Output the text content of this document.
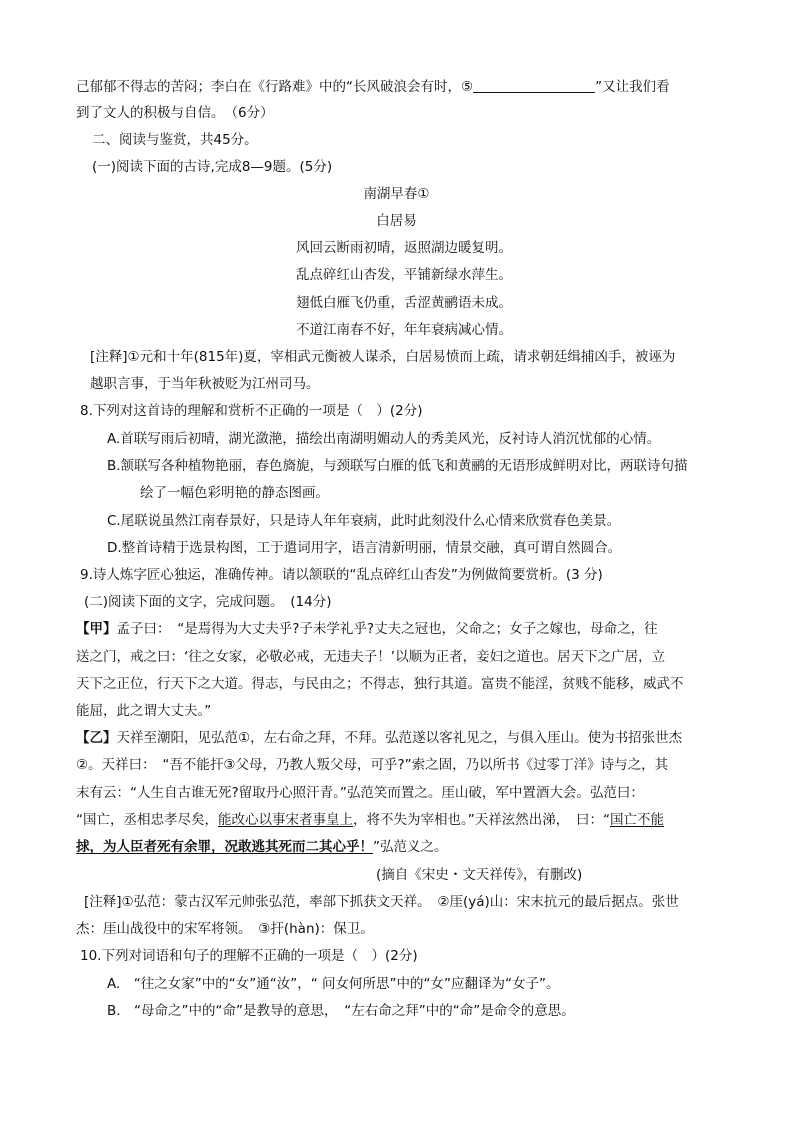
己郁郁不得志的苦闷；李白在《行路难》中的“长风破浪会有时，⑤	”又让我们看
到了文人的积极与自信。　（6分）
二、阅读与鉴赏，共45分。
(一)阅读下面的古诗,完成8—9题。(5分)
南湖早春①
白居易
风回云断雨初晴，返照湖边暖复明。
乱点碎红山杏发，平铺新绿水萍生。
翅低白雁飞仍重，舌涩黄鹂语未成。
不道江南春不好，年年衰病减心情。
[注释]①元和十年(815年)夏，宰相武元衡被人谋杀，白居易愤而上疏，请求朝廷缉捕凶手，被诬为
越职言事，于当年秋被贬为江州司马。
8.下列对这首诗的理解和赏析不正确的一项是（　）(2分)
A.首联写雨后初晴，湖光潋滟，描绘出南湖明媚动人的秀美风光，反衬诗人消沉忧郁的心情。
B.颔联写各种植物艳丽，春色旖旎，与颈联写白雁的低飞和黄鹂的无语形成鲜明对比，两联诗句描
绘了一幅色彩明艳的静态图画。
C.尾联说虽然江南春景好，只是诗人年年衰病，此时此刻没什么心情来欣赏春色美景。
D.整首诗精于选景构图，工于遣词用字，语言清新明丽，情景交融，真可谓自然圆合。
9.诗人炼字匠心独运，准确传神。请以颔联的“乱点碎红山杏发”为例做简要赏析。(3 分)
(二)阅读下面的文字，完成问题。　(14分)
【甲】孟子曰：　“是焉得为大丈夫乎?子未学礼乎?丈夫之冠也，父命之；女子之嫁也，母命之，往
送之门，戒之曰：‘往之女家，必敬必戒，无违夫子！’以顺为正者，妾妇之道也。居天下之广居，立
天下之正位，行天下之大道。得志，与民由之；不得志，独行其道。富贵不能淫，贫贱不能移，威武不
能屈，此之谓大丈夫。”
【乙】天祥至潮阳，见弘范①，左右命之拜，不拜。弘范遂以客礼见之，与俱入厓山。使为书招张世杰
②。天祥曰：　“吾不能扞③父母，乃教人叛父母，可乎?”索之固，乃以所书《过零丁洋》诗与之，其
末有云：“人生自古谁无死?留取丹心照汗青。”弘范笑而置之。厓山破，军中置酒大会。弘范曰：
“国亡，丞相忠孝尽矣，能改心以事宋者事皇上，将不失为宰相也。”天祥泫然出涕，　曰：“国亡不能
捄，为人臣者死有余罪，况敢逃其死而二其心乎！”弘范义之。
(摘自《宋史・文天祥传》，有删改)
[注释]①弘范：蒙古汉军元帅张弘范，率部下抓获文天祥。　②厓(yá)山：宋末抗元的最后据点。张世
杰：厓山战役中的宋军将领。　③扞(hàn)：保卫。
10.下列对词语和句子的理解不正确的一项是（　）(2分)
A.　“往之女家”中的“女”通“汝”，“ 问女何所思”中的“女”应翻译为“女子”。
B.　“母命之”中的“命”是教导的意思，　“左右命之拜”中的“命”是命令的意思。
